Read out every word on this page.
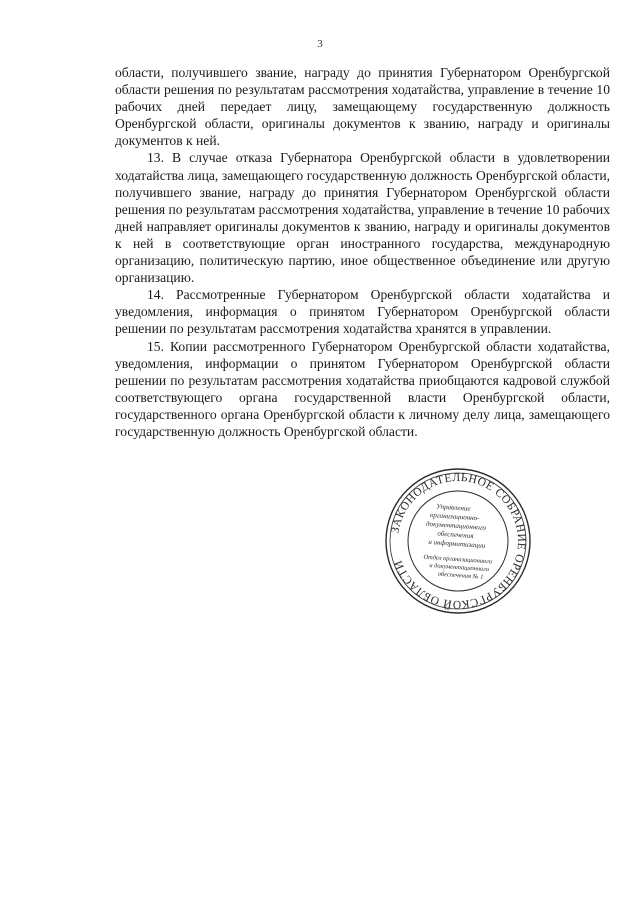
3

области, получившего звание, награду до принятия Губернатором Оренбургской области решения по результатам рассмотрения ходатайства, управление в течение 10 рабочих дней передает лицу, замещающему государственную должность Оренбургской области, оригиналы документов к званию, награду и оригиналы документов к ней.

13. В случае отказа Губернатора Оренбургской области в удовлетворении ходатайства лица, замещающего государственную должность Оренбургской области, получившего звание, награду до принятия Губернатором Оренбургской области решения по результатам рассмотрения ходатайства, управление в течение 10 рабочих дней направляет оригиналы документов к званию, награду и оригиналы документов к ней в соответствующие орган иностранного государства, международную организацию, политическую партию, иное общественное объединение или другую организацию.

14. Рассмотренные Губернатором Оренбургской области ходатайства и уведомления, информация о принятом Губернатором Оренбургской области решении по результатам рассмотрения ходатайства хранятся в управлении.

15. Копии рассмотренного Губернатором Оренбургской области ходатайства, уведомления, информации о принятом Губернатором Оренбургской области решении по результатам рассмотрения ходатайства приобщаются кадровой службой соответствующего органа государственной власти Оренбургской области, государственного органа Оренбургской области к личному делу лица, замещающего государственную должность Оренбургской области.

ЗАКОНОДАТЕЛЬНОЕ СОБРАНИЕ ОРЕНБУРГСКОЙ ОБЛАСТИ
Управление
организационно-
документационного
обеспечения
и информатизации
Отдел организационного
и документационного
обеспечения № 1
